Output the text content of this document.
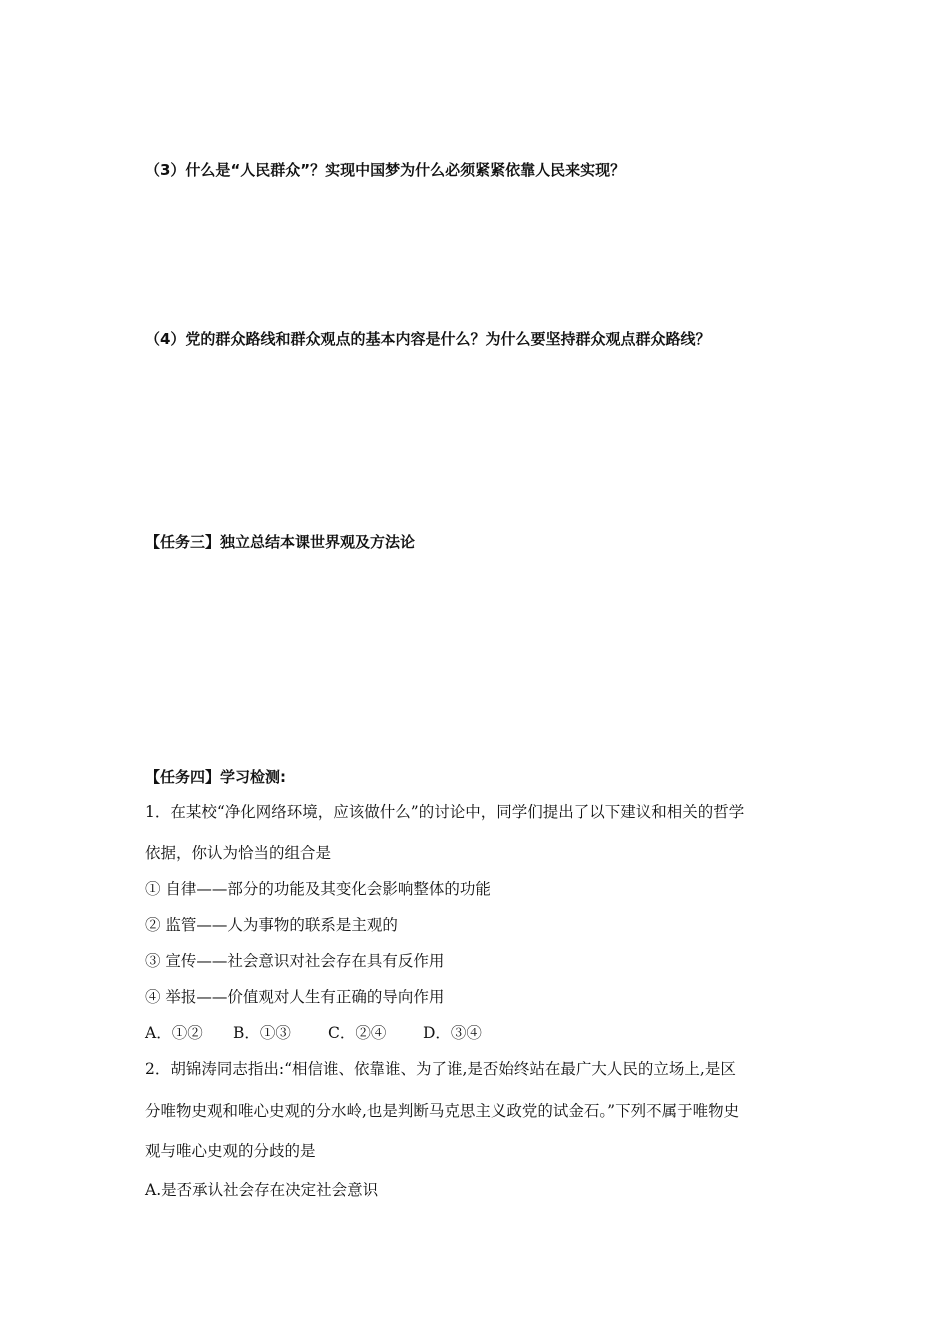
（3）什么是“人民群众”？实现中国梦为什么必须紧紧依靠人民来实现？
（4）党的群众路线和群众观点的基本内容是什么？为什么要坚持群众观点群众路线？
【任务三】独立总结本课世界观及方法论
【任务四】学习检测:
1．在某校“净化网络环境，应该做什么”的讨论中，同学们提出了以下建议和相关的哲学
依据，你认为恰当的组合是
① 自律——部分的功能及其变化会影响整体的功能
② 监管——人为事物的联系是主观的
③ 宣传——社会意识对社会存在具有反作用
④ 举报——价值观对人生有正确的导向作用
A．①② B．①③ C．②④ D．③④
2．胡锦涛同志指出:“相信谁、依靠谁、为了谁,是否始终站在最广大人民的立场上,是区
分唯物史观和唯心史观的分水岭,也是判断马克思主义政党的试金石。”下列不属于唯物史
观与唯心史观的分歧的是
A.是否承认社会存在决定社会意识
